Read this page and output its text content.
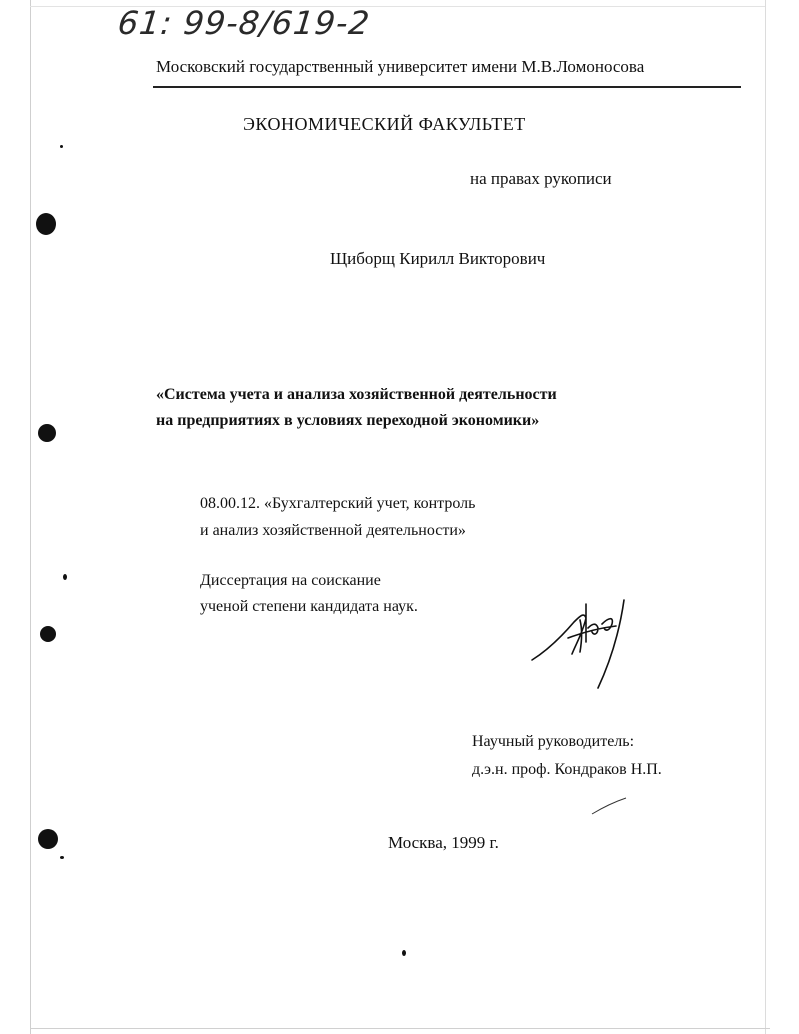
61: 99-8/619-2
Московский государственный университет имени М.В.Ломоносова
ЭКОНОМИЧЕСКИЙ ФАКУЛЬТЕТ
на правах рукописи
Щиборщ Кирилл Викторович
«Система учета и анализа хозяйственной деятельности
на предприятиях в условиях переходной экономики»
08.00.12. «Бухгалтерский учет, контроль
и анализ хозяйственной деятельности»
Диссертация на соискание
ученой степени кандидата наук.
Научный руководитель:
д.э.н. проф. Кондраков Н.П.
Москва, 1999 г.
